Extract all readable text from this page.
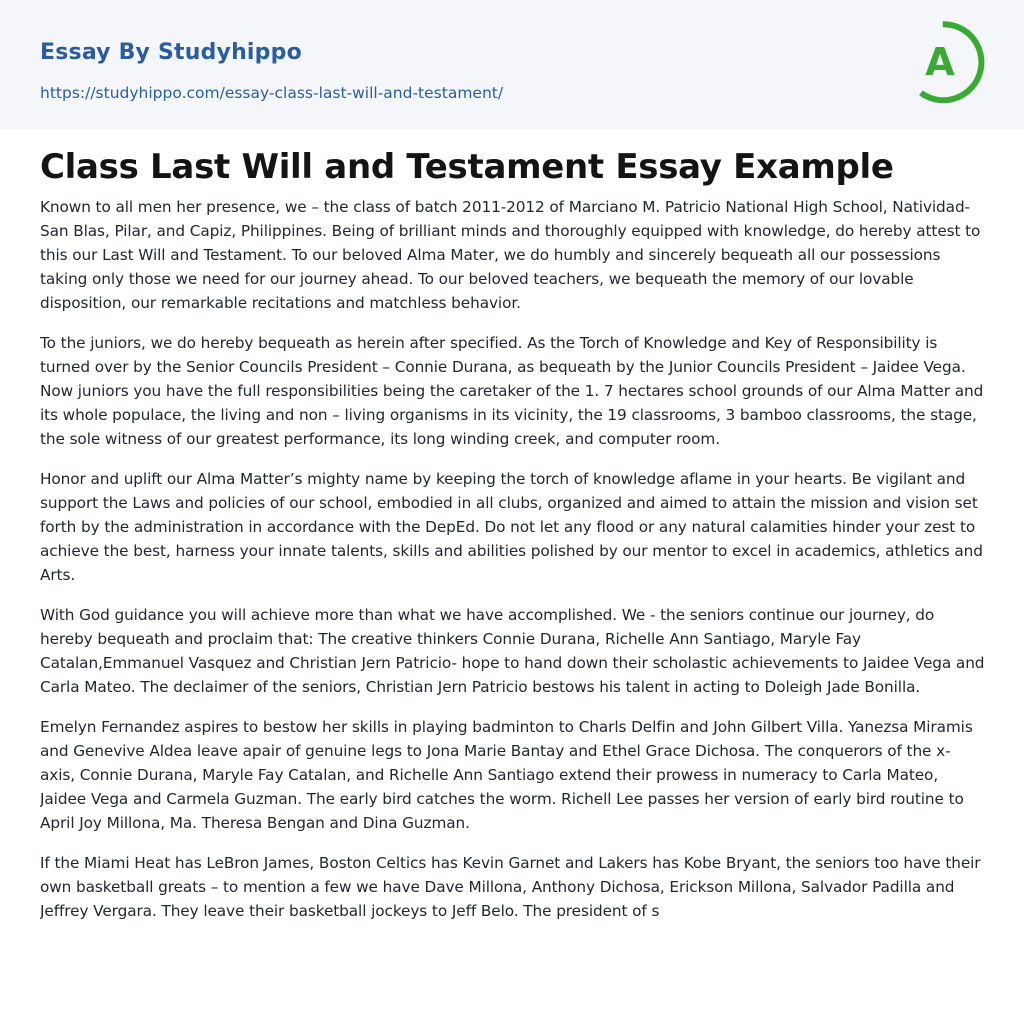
Essay By Studyhippo
https://studyhippo.com/essay-class-last-will-and-testament/
A
Class Last Will and Testament Essay Example

Known to all men her presence, we – the class of batch 2011-2012 of Marciano M. Patricio National High School, Natividad-San Blas, Pilar, and Capiz, Philippines. Being of brilliant minds and thoroughly equipped with knowledge, do hereby attest to this our Last Will and Testament. To our beloved Alma Mater, we do humbly and sincerely bequeath all our possessions taking only those we need for our journey ahead. To our beloved teachers, we bequeath the memory of our lovable disposition, our remarkable recitations and matchless behavior.

To the juniors, we do hereby bequeath as herein after specified. As the Torch of Knowledge and Key of Responsibility is turned over by the Senior Councils President – Connie Durana, as bequeath by the Junior Councils President – Jaidee Vega. Now juniors you have the full responsibilities being the caretaker of the 1. 7 hectares school grounds of our Alma Matter and its whole populace, the living and non – living organisms in its vicinity, the 19 classrooms, 3 bamboo classrooms, the stage, the sole witness of our greatest performance, its long winding creek, and computer room.

Honor and uplift our Alma Matter’s mighty name by keeping the torch of knowledge aflame in your hearts. Be vigilant and support the Laws and policies of our school, embodied in all clubs, organized and aimed to attain the mission and vision set forth by the administration in accordance with the DepEd. Do not let any flood or any natural calamities hinder your zest to achieve the best, harness your innate talents, skills and abilities polished by our mentor to excel in academics, athletics and Arts.

With God guidance you will achieve more than what we have accomplished. We - the seniors continue our journey, do hereby bequeath and proclaim that: The creative thinkers Connie Durana, Richelle Ann Santiago, Maryle Fay Catalan,Emmanuel Vasquez and Christian Jern Patricio- hope to hand down their scholastic achievements to Jaidee Vega and Carla Mateo. The declaimer of the seniors, Christian Jern Patricio bestows his talent in acting to Doleigh Jade Bonilla.

Emelyn Fernandez aspires to bestow her skills in playing badminton to Charls Delfin and John Gilbert Villa. Yanezsa Miramis and Genevive Aldea leave apair of genuine legs to Jona Marie Bantay and Ethel Grace Dichosa. The conquerors of the x-axis, Connie Durana, Maryle Fay Catalan, and Richelle Ann Santiago extend their prowess in numeracy to Carla Mateo, Jaidee Vega and Carmela Guzman. The early bird catches the worm. Richell Lee passes her version of early bird routine to April Joy Millona, Ma. Theresa Bengan and Dina Guzman.

If the Miami Heat has LeBron James, Boston Celtics has Kevin Garnet and Lakers has Kobe Bryant, the seniors too have their own basketball greats – to mention a few we have Dave Millona, Anthony Dichosa, Erickson Millona, Salvador Padilla and Jeffrey Vergara. They leave their basketball jockeys to Jeff Belo. The president of s
